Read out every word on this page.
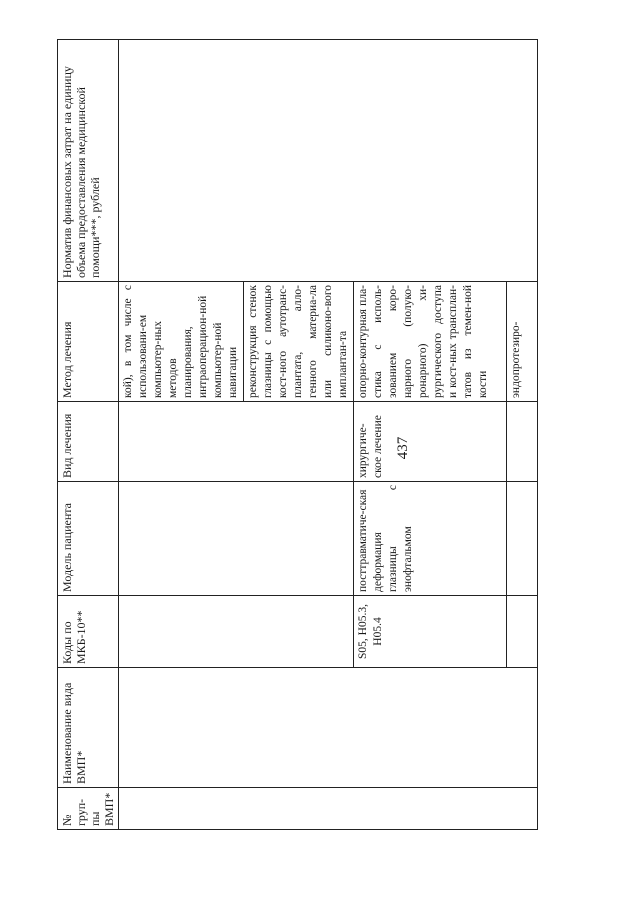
437
№ груп-пы ВМП*	Наименование вида ВМП*	Коды по МКБ-10**	Модель пациента	Вид лечения	Метод лечения	Норматив финансовых затрат на единицу объема предоставления медицинской помощи***, рублей

					кой), в том числе с использовани-ем компьютер-ных методов планирования, интраоперацион-ной компьютер-ной навигации реконструкция стенок глазницы с помощью кост-ного аутотранс-плантата, алло-генного материа-ла или силиконо-вого имплантан-та	

		S05, H05.3, H05.4	посттравматиче-ская деформация глазницы с энофтальмом	хирургиче-ское лечение	опорно-контурная пла-стика с исполь-зованием коро-нарного (полуко-ронарного) хи-рургического доступа и кост-ных трансплан-татов из темен-ной кости	

					эндопротезиро-	
